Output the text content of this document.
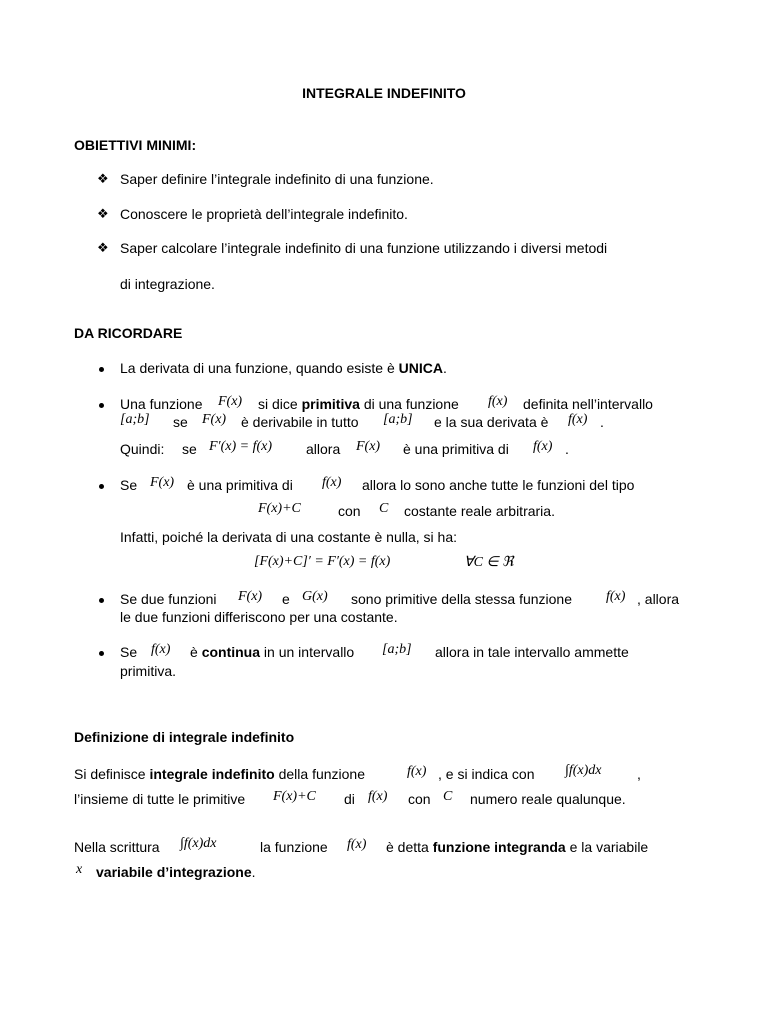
INTEGRALE INDEFINITO
OBIETTIVI MINIMI:
❖ Saper definire l’integrale indefinito di una funzione.
❖ Conoscere le proprietà dell’integrale indefinito.
❖ Saper calcolare l’integrale indefinito di una funzione utilizzando i diversi metodi
di integrazione.
DA RICORDARE
La derivata di una funzione, quando esiste è UNICA.
Una funzione F(x) si dice primitiva di una funzione f(x) definita nell’intervallo
[a;b] se F(x) è derivabile in tutto [a;b] e la sua derivata è f(x) .
Quindi: se F′(x) = f(x) allora F(x) è una primitiva di f(x) .
Se F(x) è una primitiva di f(x) allora lo sono anche tutte le funzioni del tipo
F(x)+C	con C costante reale arbitraria.
Infatti, poiché la derivata di una costante è nulla, si ha:
[F(x)+C]′ = F′(x) = f(x)	∀C ∈ ℜ
Se due funzioni F(x) e G(x) sono primitive della stessa funzione f(x) , allora
le due funzioni differiscono per una costante.
Se f(x) è continua in un intervallo [a;b] allora in tale intervallo ammette
primitiva.
Definizione di integrale indefinito
Si definisce integrale indefinito della funzione	f(x) , e si indica con ∫f(x)dx	,
l’insieme di tutte le primitive F(x)+C di f(x) con C numero reale qualunque.
Nella scrittura ∫f(x)dx	la funzione f(x) è detta funzione integranda e la variabile
x variabile d’integrazione.
